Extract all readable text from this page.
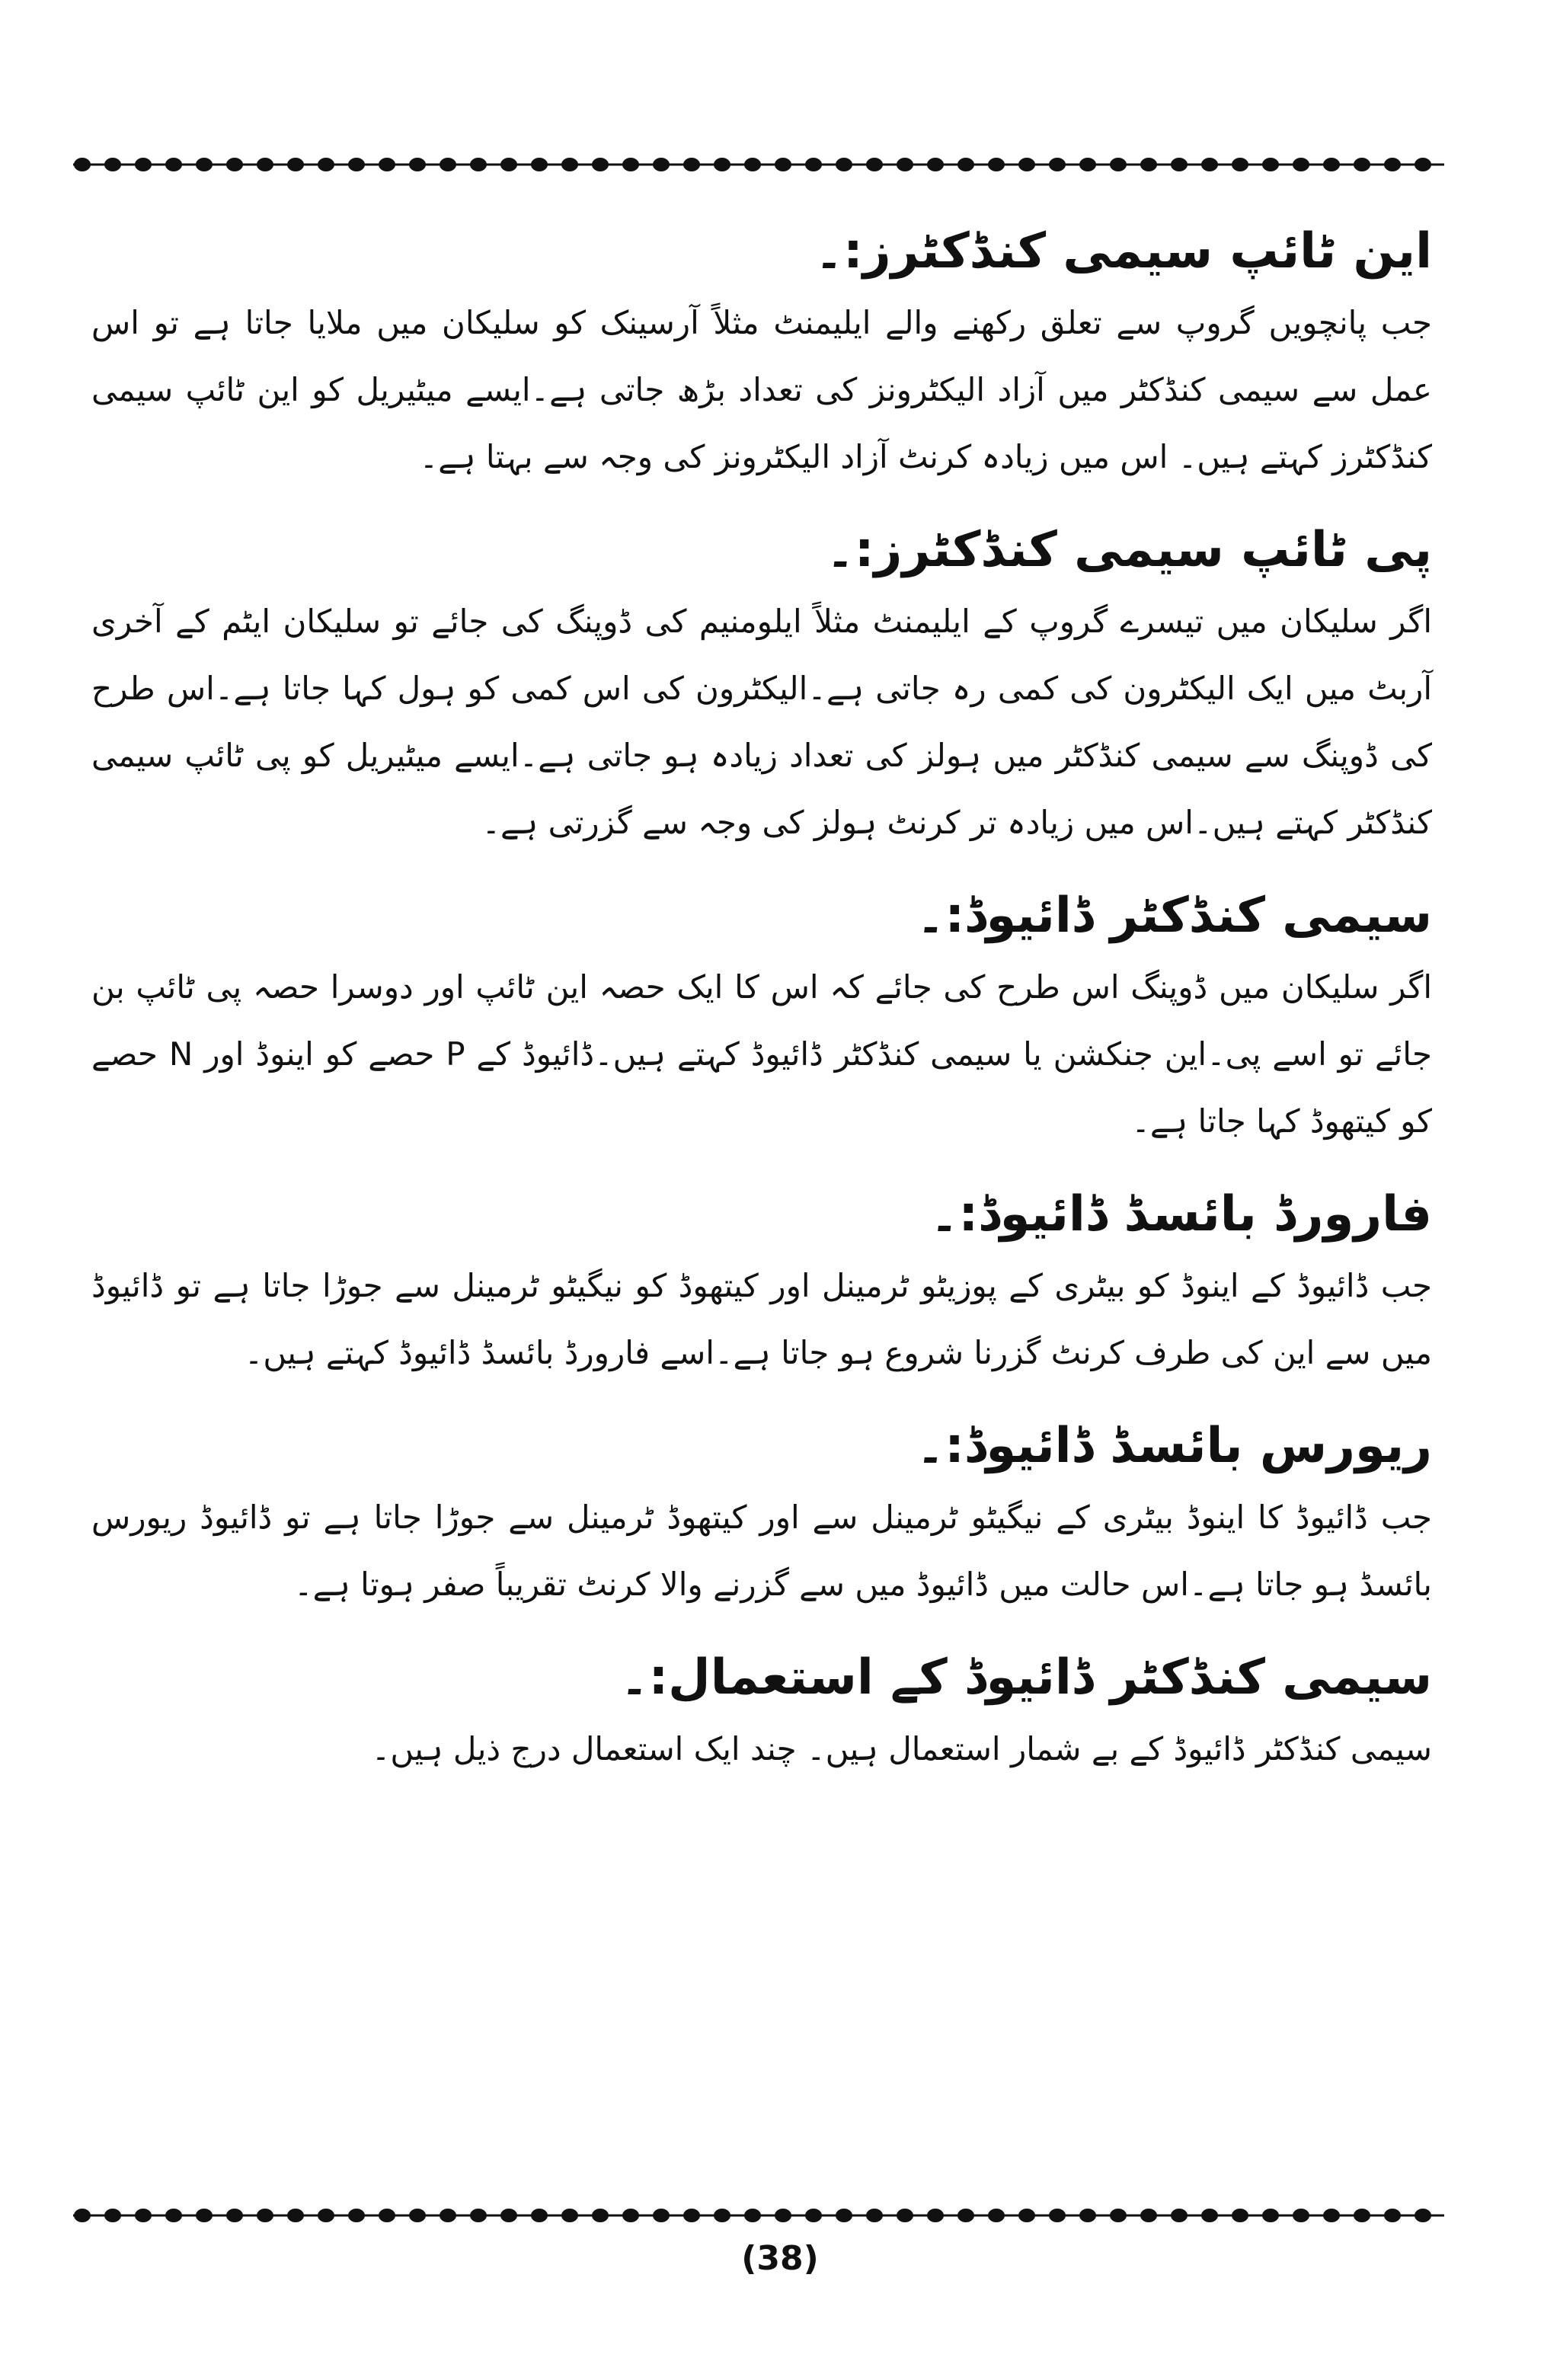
این ٹائپ سیمی کنڈکٹرز:۔

جب پانچویں گروپ سے تعلق رکھنے والے ایلیمنٹ مثلاً آرسینک کو سلیکان میں ملایا جاتا ہے تو اس عمل سے سیمی کنڈکٹر میں آزاد الیکٹرونز کی تعداد بڑھ جاتی ہے۔ایسے میٹیریل کو این ٹائپ سیمی کنڈکٹرز کہتے ہیں۔ اس میں زیادہ کرنٹ آزاد الیکٹرونز کی وجہ سے بہتا ہے۔

پی ٹائپ سیمی کنڈکٹرز:۔

اگر سلیکان میں تیسرے گروپ کے ایلیمنٹ مثلاً ایلومنیم کی ڈوپنگ کی جائے تو سلیکان ایٹم کے آخری آربٹ میں ایک الیکٹرون کی کمی رہ جاتی ہے۔الیکٹرون کی اس کمی کو ہول کہا جاتا ہے۔اس طرح کی ڈوپنگ سے سیمی کنڈکٹر میں ہولز کی تعداد زیادہ ہو جاتی ہے۔ایسے میٹیریل کو پی ٹائپ سیمی کنڈکٹر کہتے ہیں۔اس میں زیادہ تر کرنٹ ہولز کی وجہ سے گزرتی ہے۔

سیمی کنڈکٹر ڈائیوڈ:۔

اگر سلیکان میں ڈوپنگ اس طرح کی جائے کہ اس کا ایک حصہ این ٹائپ اور دوسرا حصہ پی ٹائپ بن جائے تو اسے پی۔این جنکشن یا سیمی کنڈکٹر ڈائیوڈ کہتے ہیں۔ڈائیوڈ کے P حصے کو اینوڈ اور N حصے کو کیتھوڈ کہا جاتا ہے۔

فارورڈ بائسڈ ڈائیوڈ:۔

جب ڈائیوڈ کے اینوڈ کو بیٹری کے پوزیٹو ٹرمینل اور کیتھوڈ کو نیگیٹو ٹرمینل سے جوڑا جاتا ہے تو ڈائیوڈ میں سے این کی طرف کرنٹ گزرنا شروع ہو جاتا ہے۔اسے فارورڈ بائسڈ ڈائیوڈ کہتے ہیں۔

ریورس بائسڈ ڈائیوڈ:۔

جب ڈائیوڈ کا اینوڈ بیٹری کے نیگیٹو ٹرمینل سے اور کیتھوڈ ٹرمینل سے جوڑا جاتا ہے تو ڈائیوڈ ریورس بائسڈ ہو جاتا ہے۔اس حالت میں ڈائیوڈ میں سے گزرنے والا کرنٹ تقریباً صفر ہوتا ہے۔

سیمی کنڈکٹر ڈائیوڈ کے استعمال:۔

سیمی کنڈکٹر ڈائیوڈ کے بے شمار استعمال ہیں۔ چند ایک استعمال درج ذیل ہیں۔

(38)
